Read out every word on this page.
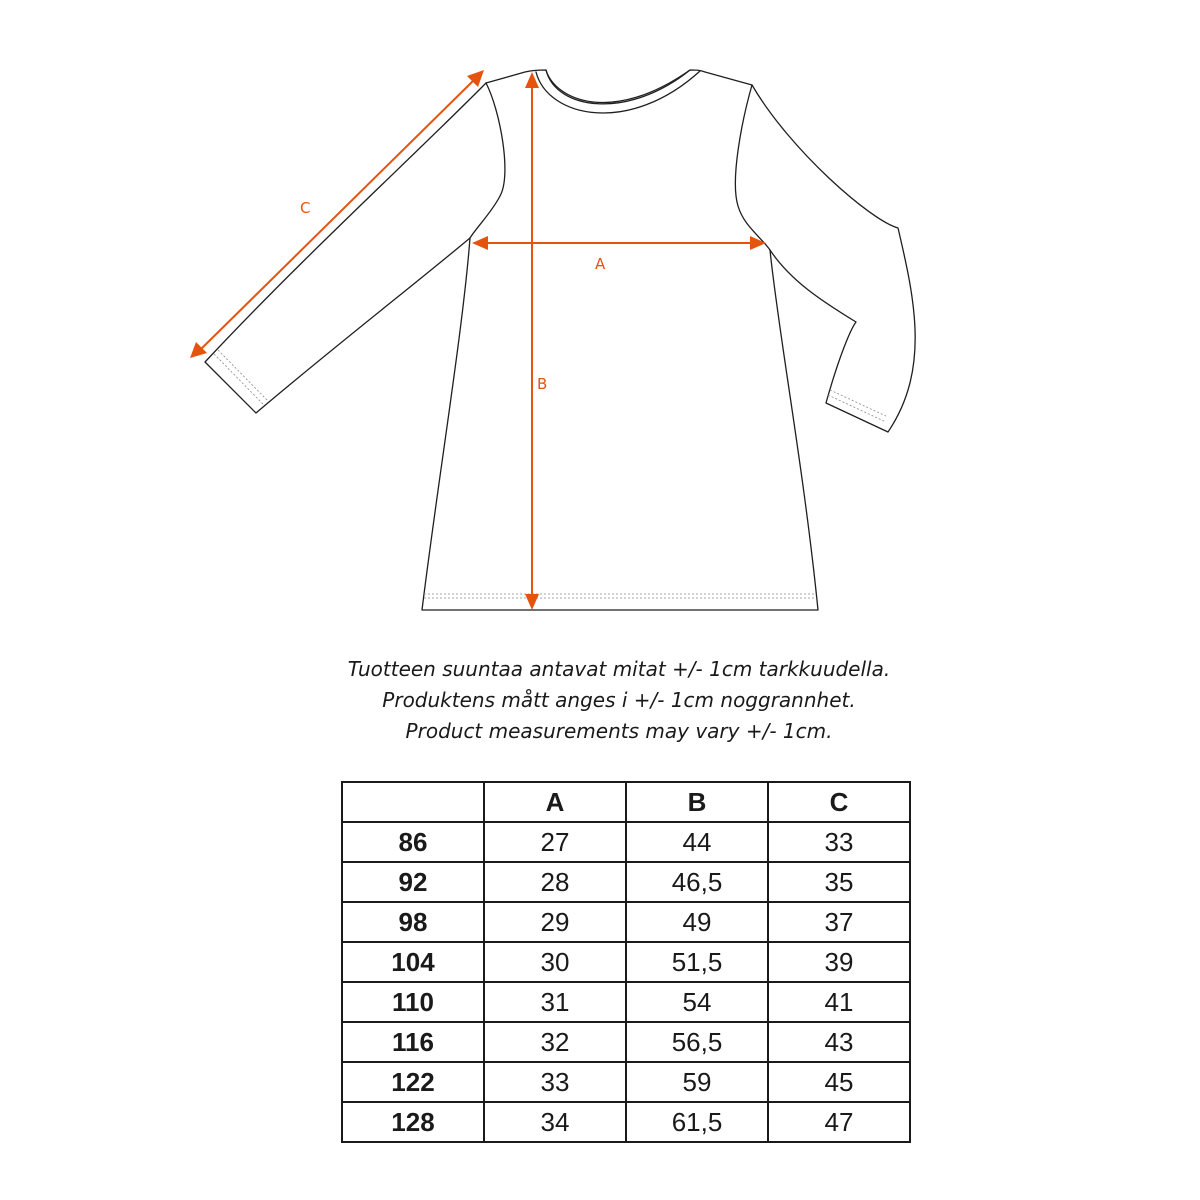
A
B
C
Tuotteen suuntaa antavat mitat +/- 1cm tarkkuudella.
Produktens mått anges i +/- 1cm noggrannhet.
Product measurements may vary +/- 1cm.
	A	B	C
86	27	44	33
92	28	46,5	35
98	29	49	37
104	30	51,5	39
110	31	54	41
116	32	56,5	43
122	33	59	45
128	34	61,5	47
